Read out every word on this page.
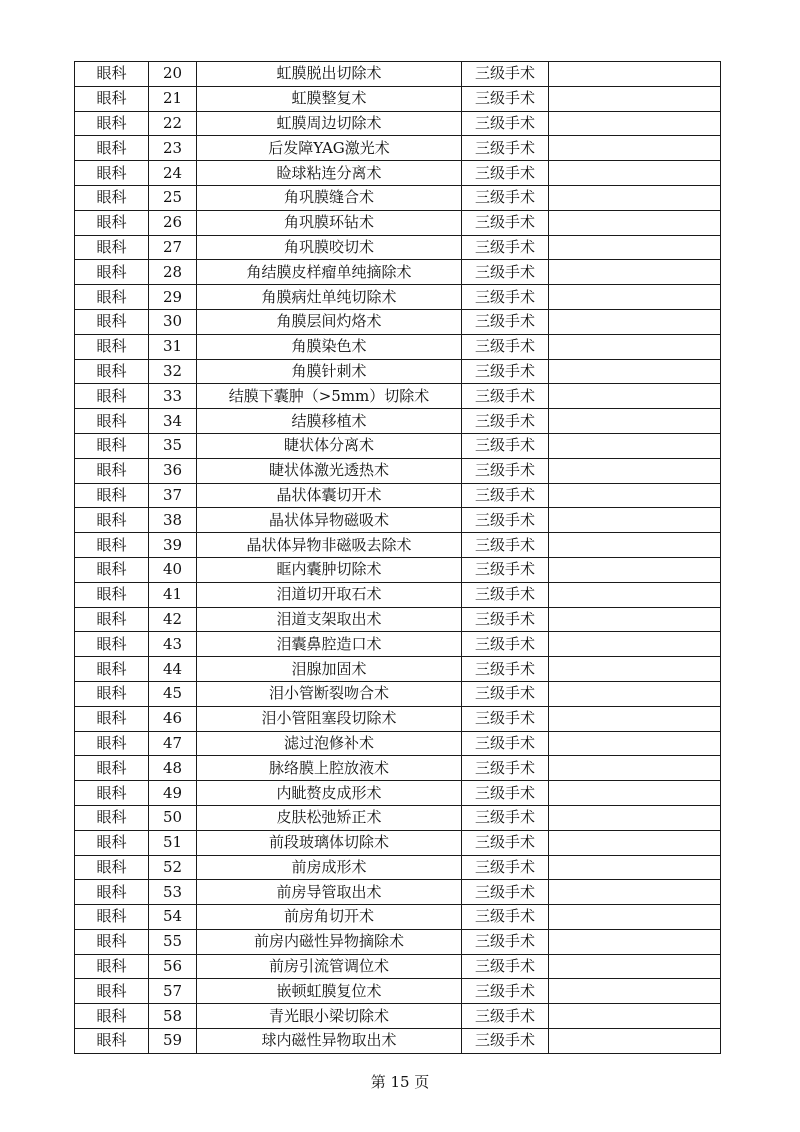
眼科	20	虹膜脱出切除术	三级手术	
眼科	21	虹膜整复术	三级手术	
眼科	22	虹膜周边切除术	三级手术	
眼科	23	后发障YAG激光术	三级手术	
眼科	24	睑球粘连分离术	三级手术	
眼科	25	角巩膜缝合术	三级手术	
眼科	26	角巩膜环钻术	三级手术	
眼科	27	角巩膜咬切术	三级手术	
眼科	28	角结膜皮样瘤单纯摘除术	三级手术	
眼科	29	角膜病灶单纯切除术	三级手术	
眼科	30	角膜层间灼烙术	三级手术	
眼科	31	角膜染色术	三级手术	
眼科	32	角膜针刺术	三级手术	
眼科	33	结膜下囊肿（>5mm）切除术	三级手术	
眼科	34	结膜移植术	三级手术	
眼科	35	睫状体分离术	三级手术	
眼科	36	睫状体激光透热术	三级手术	
眼科	37	晶状体囊切开术	三级手术	
眼科	38	晶状体异物磁吸术	三级手术	
眼科	39	晶状体异物非磁吸去除术	三级手术	
眼科	40	眶内囊肿切除术	三级手术	
眼科	41	泪道切开取石术	三级手术	
眼科	42	泪道支架取出术	三级手术	
眼科	43	泪囊鼻腔造口术	三级手术	
眼科	44	泪腺加固术	三级手术	
眼科	45	泪小管断裂吻合术	三级手术	
眼科	46	泪小管阻塞段切除术	三级手术	
眼科	47	滤过泡修补术	三级手术	
眼科	48	脉络膜上腔放液术	三级手术	
眼科	49	内眦赘皮成形术	三级手术	
眼科	50	皮肤松弛矫正术	三级手术	
眼科	51	前段玻璃体切除术	三级手术	
眼科	52	前房成形术	三级手术	
眼科	53	前房导管取出术	三级手术	
眼科	54	前房角切开术	三级手术	
眼科	55	前房内磁性异物摘除术	三级手术	
眼科	56	前房引流管调位术	三级手术	
眼科	57	嵌顿虹膜复位术	三级手术	
眼科	58	青光眼小梁切除术	三级手术	
眼科	59	球内磁性异物取出术	三级手术	
第 15 页
